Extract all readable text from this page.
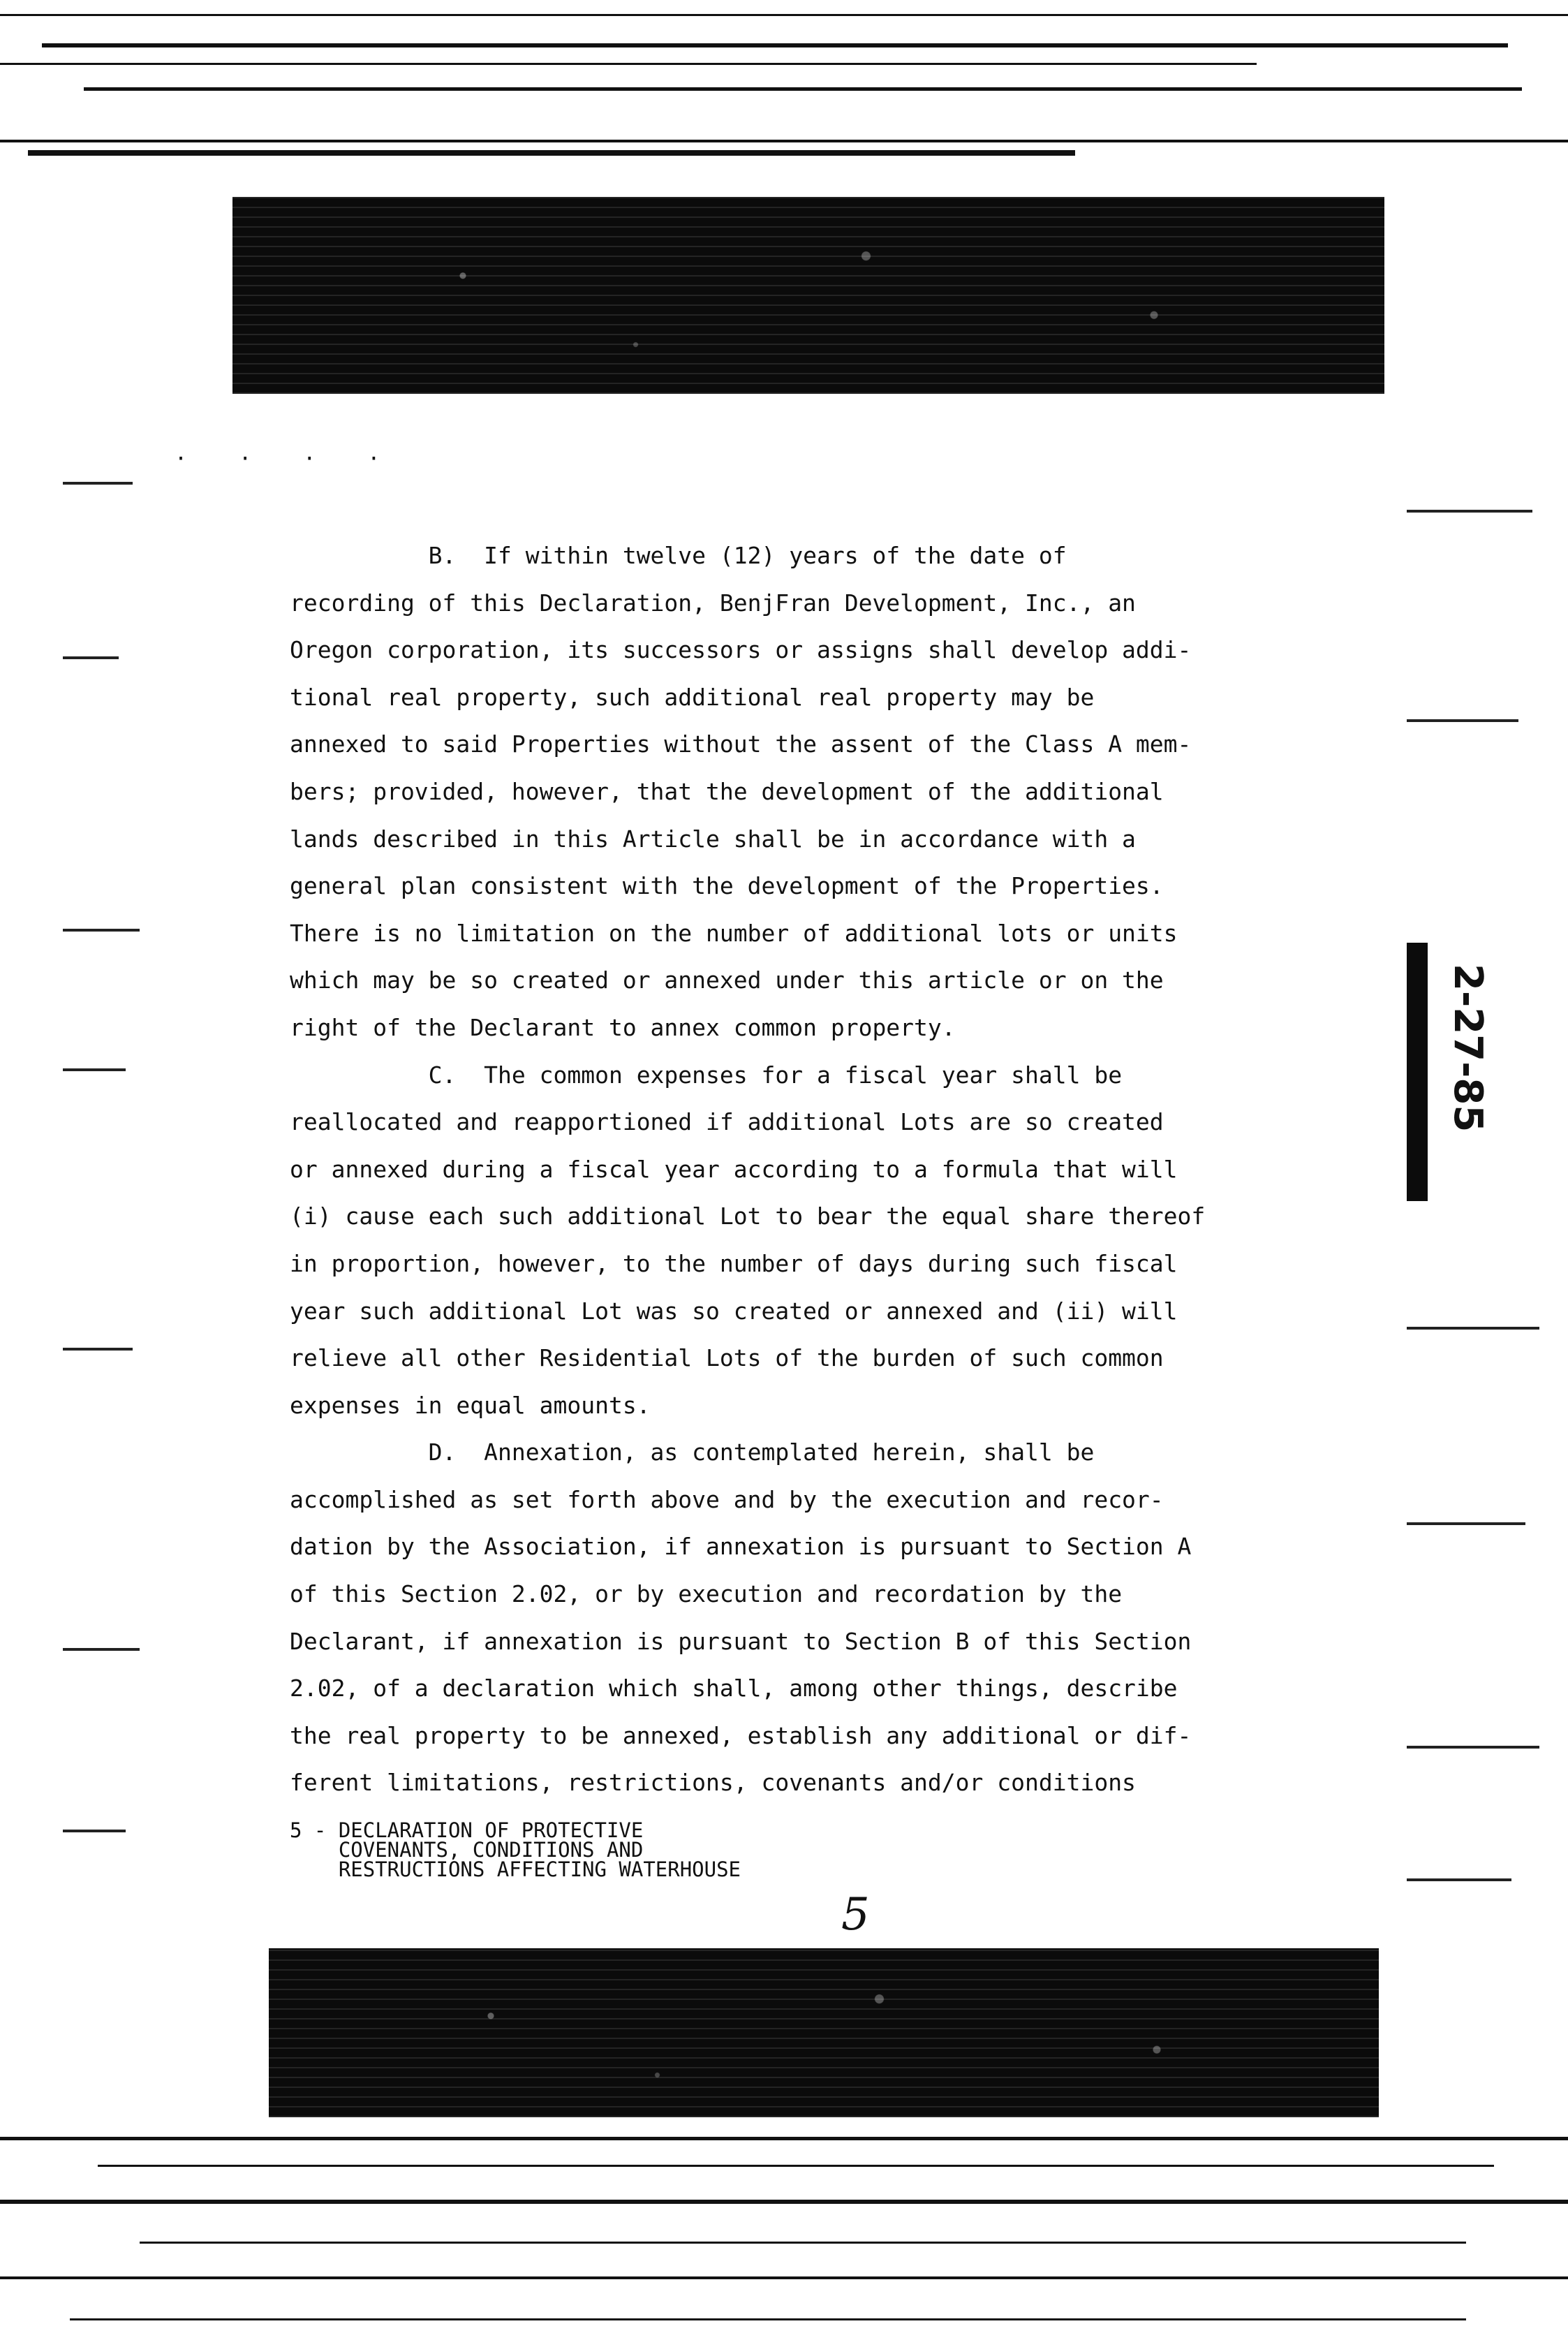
· · · ·
2-27-85

B.  If within twelve (12) years of the date of

recording of this Declaration, BenjFran Development, Inc., an

Oregon corporation, its successors or assigns shall develop addi-

tional real property, such additional real property may be

annexed to said Properties without the assent of the Class A mem-

bers; provided, however, that the development of the additional

lands described in this Article shall be in accordance with a

general plan consistent with the development of the Properties.

There is no limitation on the number of additional lots or units

which may be so created or annexed under this article or on the

right of the Declarant to annex common property.

C.  The common expenses for a fiscal year shall be

reallocated and reapportioned if additional Lots are so created

or annexed during a fiscal year according to a formula that will

(i) cause each such additional Lot to bear the equal share thereof

in proportion, however, to the number of days during such fiscal

year such additional Lot was so created or annexed and (ii) will

relieve all other Residential Lots of the burden of such common

expenses in equal amounts.

D.  Annexation, as contemplated herein, shall be

accomplished as set forth above and by the execution and recor-

dation by the Association, if annexation is pursuant to Section A

of this Section 2.02, or by execution and recordation by the

Declarant, if annexation is pursuant to Section B of this Section

2.02, of a declaration which shall, among other things, describe

the real property to be annexed, establish any additional or dif-

ferent limitations, restrictions, covenants and/or conditions

5 - DECLARATION OF PROTECTIVE
COVENANTS, CONDITIONS AND
RESTRUCTIONS AFFECTING WATERHOUSE
5
